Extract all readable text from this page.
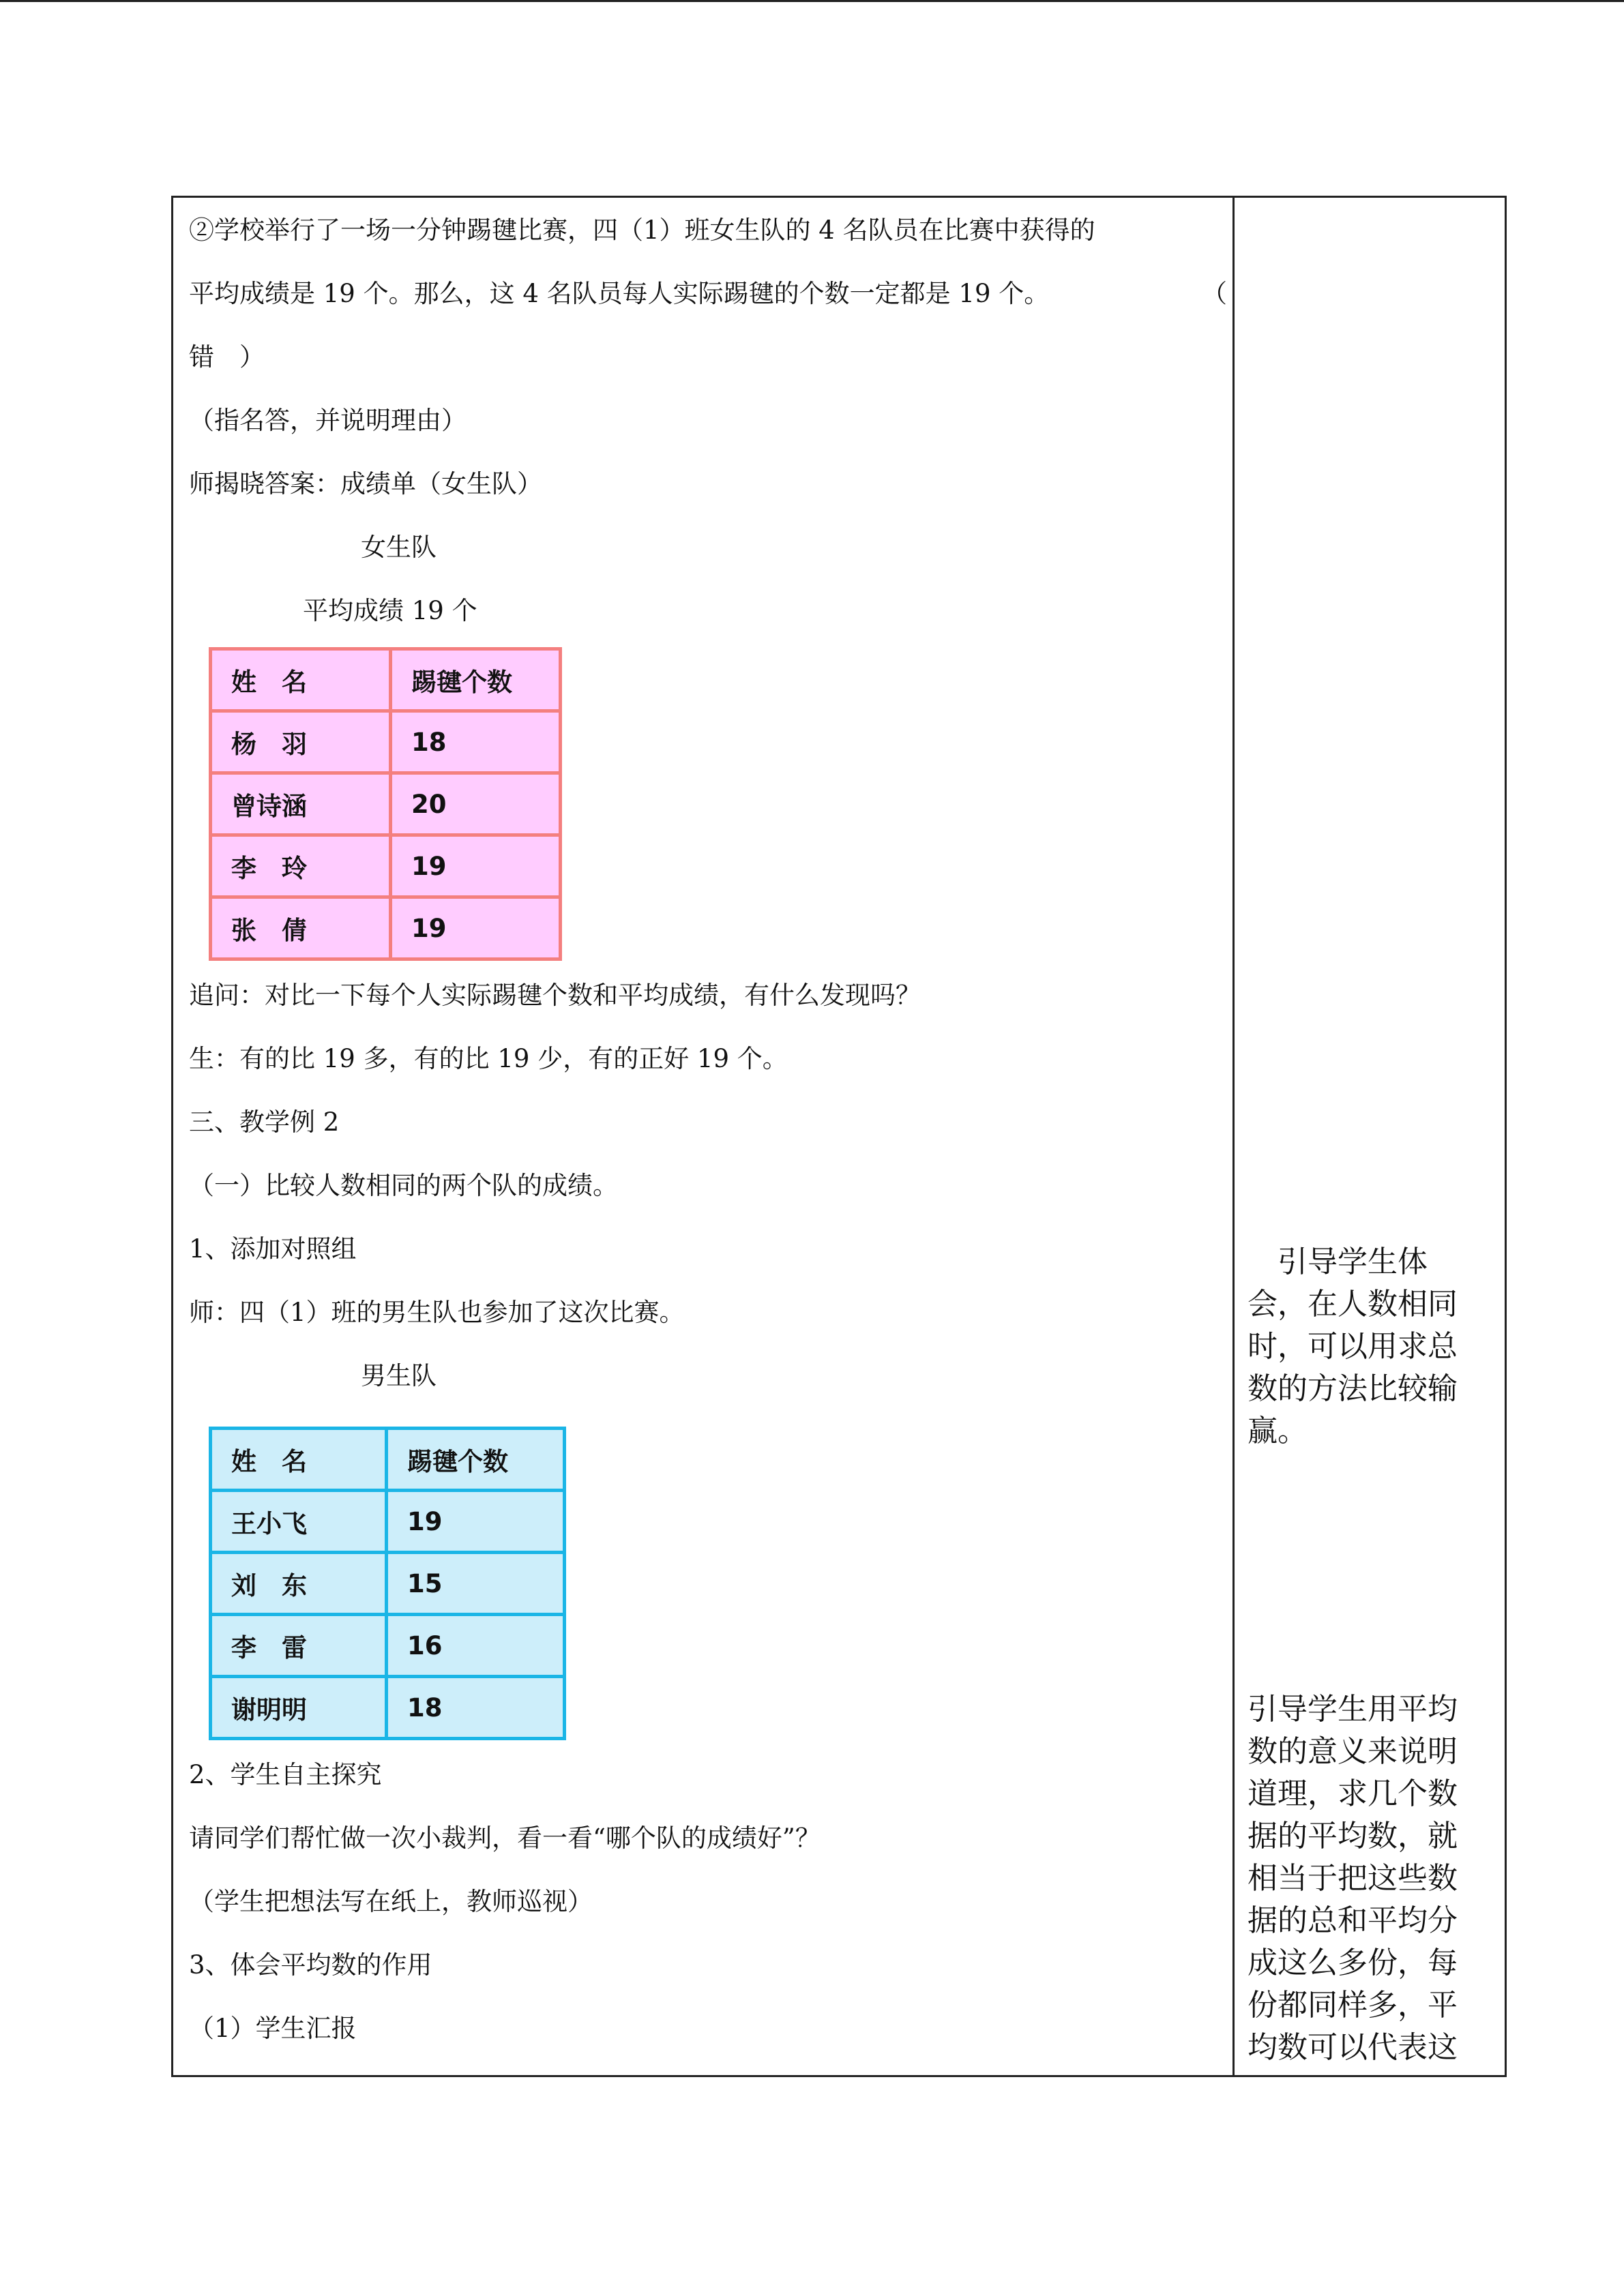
②学校举行了一场一分钟踢毽比赛，四（1）班女生队的 4 名队员在比赛中获得的
平均成绩是 19 个。那么，这 4 名队员每人实际踢毽的个数一定都是 19 个。	（
错　）
（指名答，并说明理由）
师揭晓答案：成绩单（女生队）
女生队
平均成绩 19 个
姓　名	踢毽个数
杨　羽	18
曾诗涵	20
李　玲	19
张　倩	19
追问：对比一下每个人实际踢毽个数和平均成绩，有什么发现吗？
生：有的比 19 多，有的比 19 少，有的正好 19 个。
三、教学例 2
（一）比较人数相同的两个队的成绩。
1、添加对照组
师：四（1）班的男生队也参加了这次比赛。
男生队
姓　名	踢毽个数
王小飞	19
刘　东	15
李　雷	16
谢明明	18
2、学生自主探究
请同学们帮忙做一次小裁判，看一看“哪个队的成绩好”？
（学生把想法写在纸上，教师巡视）
3、体会平均数的作用
（1）学生汇报
　引导学生体
会，在人数相同
时，可以用求总
数的方法比较输
赢。
引导学生用平均
数的意义来说明
道理，求几个数
据的平均数，就
相当于把这些数
据的总和平均分
成这么多份，每
份都同样多，平
均数可以代表这
